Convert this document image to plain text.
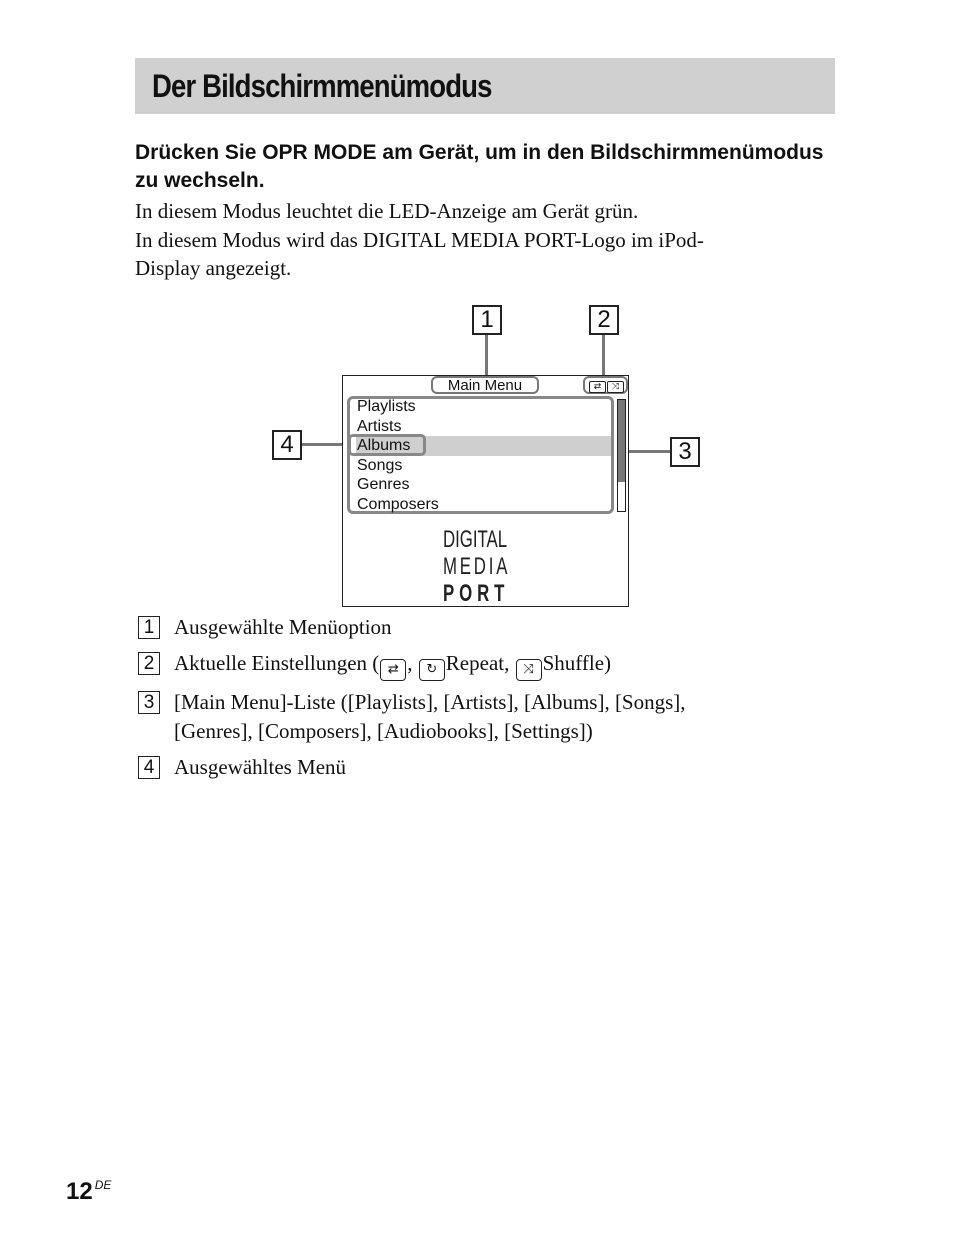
Der Bildschirmmenümodus

Drücken Sie OPR MODE am Gerät, um in den Bildschirmmenümodus zu wechseln.

In diesem Modus leuchtet die LED-Anzeige am Gerät grün.
In diesem Modus wird das DIGITAL MEDIA PORT-Logo im iPod-
Display angezeigt.

1	2
3
4
Main Menu	⇄	⤨
Playlists
Artists
Albums
Songs
Genres
Composers
DIGITAL
MEDIA
PORT
1 Ausgewählte Menüoption
2 Aktuelle Einstellungen ( ⇄ , ↻ Repeat, ⤨ Shuffle)
3 [Main Menu]-Liste ([Playlists], [Artists], [Albums], [Songs],
[Genres], [Composers], [Audiobooks], [Settings])
4 Ausgewähltes Menü
12 $^{DE}$
